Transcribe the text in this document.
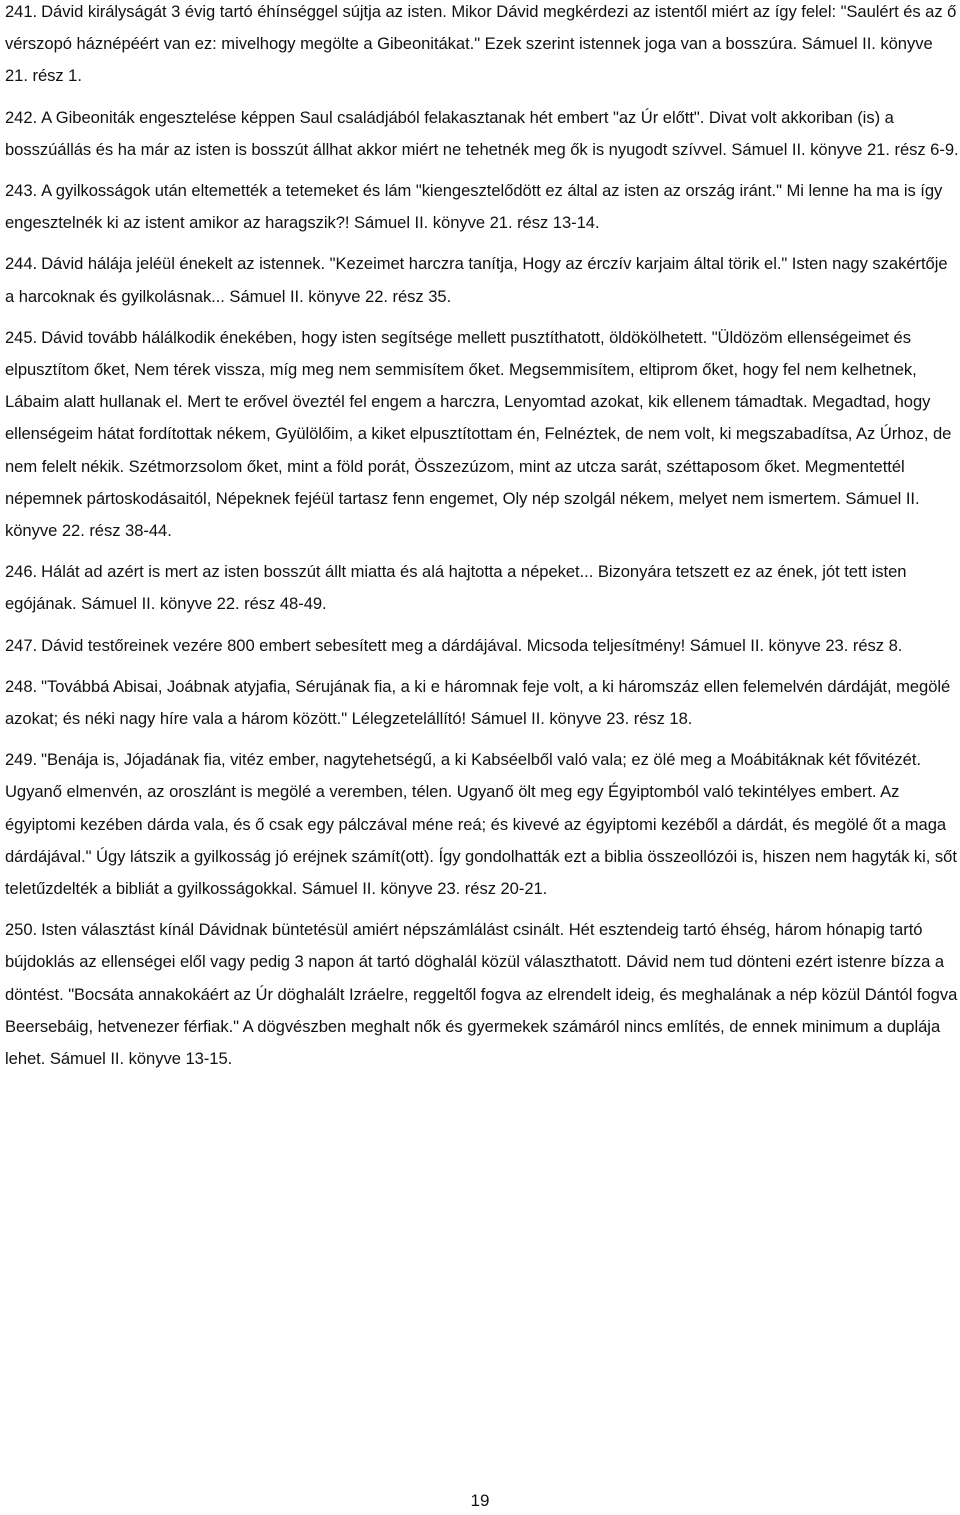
241. Dávid királyságát 3 évig tartó éhínséggel sújtja az isten. Mikor Dávid megkérdezi az istentől miért az így felel: "Saulért és az ő vérszopó háznépéért van ez: mivelhogy megölte a Gibeonitákat." Ezek szerint istennek joga van a bosszúra. Sámuel II. könyve 21. rész 1.

242. A Gibeoniták engesztelése képpen Saul családjából felakasztanak hét embert "az Úr előtt". Divat volt akkoriban (is) a bosszúállás és ha már az isten is bosszút állhat akkor miért ne tehetnék meg ők is nyugodt szívvel. Sámuel II. könyve 21. rész 6-9.

243. A gyilkosságok után eltemették a tetemeket és lám "kiengesztelődött ez által az isten az ország iránt." Mi lenne ha ma is így engesztelnék ki az istent amikor az haragszik?! Sámuel II. könyve 21. rész 13-14.

244. Dávid hálája jeléül énekelt az istennek. "Kezeimet harczra tanítja, Hogy az érczív karjaim által törik el." Isten nagy szakértője a harcoknak és gyilkolásnak... Sámuel II. könyve 22. rész 35.

245. Dávid tovább hálálkodik énekében, hogy isten segítsége mellett pusztíthatott, öldökölhetett. "Üldözöm ellenségeimet és elpusztítom őket, Nem térek vissza, míg meg nem semmisítem őket. Megsemmisítem, eltiprom őket, hogy fel nem kelhetnek, Lábaim alatt hullanak el. Mert te erővel öveztél fel engem a harczra, Lenyomtad azokat, kik ellenem támadtak. Megadtad, hogy ellenségeim hátat fordítottak nékem, Gyülölőim, a kiket elpusztítottam én, Felnéztek, de nem volt, ki megszabadítsa, Az Úrhoz, de nem felelt nékik. Szétmorzsolom őket, mint a föld porát, Összezúzom, mint az utcza sarát, széttaposom őket. Megmentettél népemnek pártoskodásaitól, Népeknek fejéül tartasz fenn engemet, Oly nép szolgál nékem, melyet nem ismertem. Sámuel II. könyve 22. rész 38-44.

246. Hálát ad azért is mert az isten bosszút állt miatta és alá hajtotta a népeket... Bizonyára tetszett ez az ének, jót tett isten egójának. Sámuel II. könyve 22. rész 48-49.

247. Dávid testőreinek vezére 800 embert sebesített meg a dárdájával. Micsoda teljesítmény! Sámuel II. könyve 23. rész 8.

248. "Továbbá Abisai, Joábnak atyjafia, Sérujának fia, a ki e háromnak feje volt, a ki háromszáz ellen felemelvén dárdáját, megölé azokat; és néki nagy híre vala a három között." Lélegzetelállító! Sámuel II. könyve 23. rész 18.

249. "Benája is, Jójadának fia, vitéz ember, nagytehetségű, a ki Kabséelből való vala; ez ölé meg a Moábitáknak két fővitézét. Ugyanő elmenvén, az oroszlánt is megölé a veremben, télen. Ugyanő ölt meg egy Égyiptomból való tekintélyes embert. Az égyiptomi kezében dárda vala, és ő csak egy pálczával méne reá; és kivevé az égyiptomi kezéből a dárdát, és megölé őt a maga dárdájával." Úgy látszik a gyilkosság jó eréjnek számít(ott). Így gondolhatták ezt a biblia összeollózói is, hiszen nem hagyták ki, sőt teletűzdelték a bibliát a gyilkosságokkal. Sámuel II. könyve 23. rész 20-21.

250. Isten választást kínál Dávidnak büntetésül amiért népszámlálást csinált. Hét esztendeig tartó éhség, három hónapig tartó bújdoklás az ellenségei elől vagy pedig 3 napon át tartó döghalál közül választhatott. Dávid nem tud dönteni ezért istenre bízza a döntést. "Bocsáta annakokáért az Úr döghalált Izráelre, reggeltől fogva az elrendelt ideig, és meghalának a nép közül Dántól fogva Beersebáig, hetvenezer férfiak." A dögvészben meghalt nők és gyermekek számáról nincs említés, de ennek minimum a duplája lehet. Sámuel II. könyve 13-15.

19
